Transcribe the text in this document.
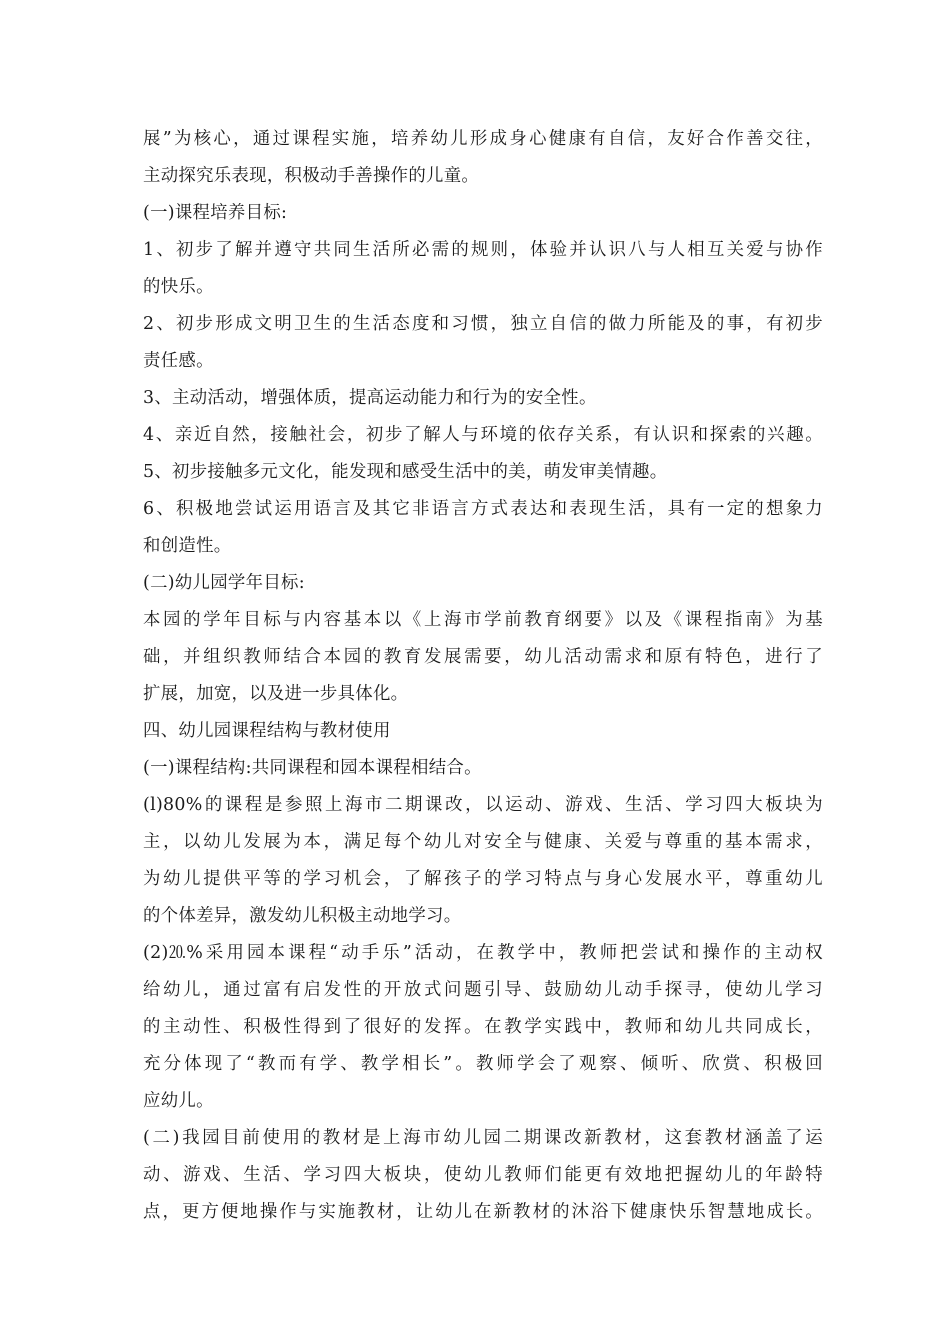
展”为核心，通过课程实施，培养幼儿形成身心健康有自信，友好合作善交往，
主动探究乐表现，积极动手善操作的儿童。
(一)课程培养目标:
1、初步了解并遵守共同生活所必需的规则，体验并认识八与人相互关爱与协作
的快乐。
2、初步形成文明卫生的生活态度和习惯，独立自信的做力所能及的事，有初步
责任感。
3、主动活动，增强体质，提高运动能力和行为的安全性。
4、亲近自然，接触社会，初步了解人与环境的依存关系，有认识和探索的兴趣。
5、初步接触多元文化，能发现和感受生活中的美，萌发审美情趣。
6、积极地尝试运用语言及其它非语言方式表达和表现生活，具有一定的想象力
和创造性。
(二)幼儿园学年目标:
本园的学年目标与内容基本以《上海市学前教育纲要》以及《课程指南》为基
础，并组织教师结合本园的教育发展需要，幼儿活动需求和原有特色，进行了
扩展，加宽，以及进一步具体化。
四、幼儿园课程结构与教材使用
(一)课程结构:共同课程和园本课程相结合。
(l)80%的课程是参照上海市二期课改，以运动、游戏、生活、学习四大板块为
主，以幼儿发展为本，满足每个幼儿对安全与健康、关爱与尊重的基本需求，
为幼儿提供平等的学习机会，了解孩子的学习特点与身心发展水平，尊重幼儿
的个体差异，激发幼儿积极主动地学习。
(2)⒛%采用园本课程“动手乐”活动，在教学中，教师把尝试和操作的主动权
给幼儿，通过富有启发性的开放式问题引导、鼓励幼儿动手探寻，使幼儿学习
的主动性、积极性得到了很好的发挥。在教学实践中，教师和幼儿共同成长，
充分体现了“教而有学、教学相长”。教师学会了观察、倾听、欣赏、积极回
应幼儿。
(二)我园目前使用的教材是上海市幼儿园二期课改新教材，这套教材涵盖了运
动、游戏、生活、学习四大板块，使幼儿教师们能更有效地把握幼儿的年龄特
点，更方便地操作与实施教材，让幼儿在新教材的沐浴下健康快乐智慧地成长。
